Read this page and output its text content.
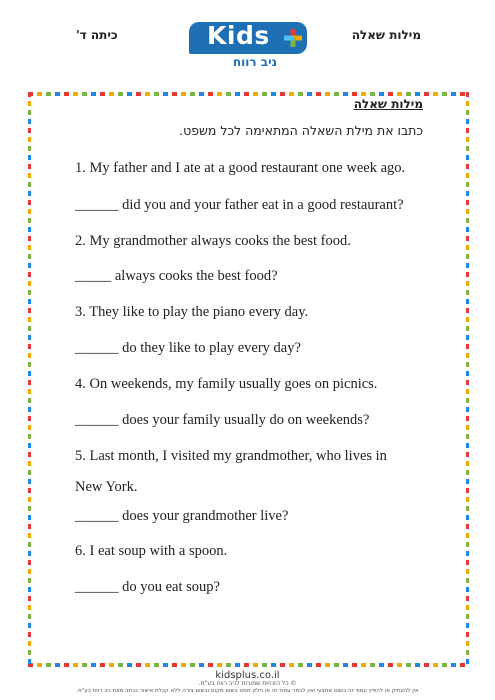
מילות שאלה
כיתה ד'	Kids
ניב רווח
מילות שאלה
כתבו את מילת השאלה המתאימה לכל משפט.
1. My father and I ate at a good restaurant one week ago.
______ did you and your father eat in a good restaurant?
2. My grandmother always cooks the best food.
_____ always cooks the best food?
3. They like to play the piano every day.
______ do they like to play every day?
4. On weekends, my family usually goes on picnics.
______ does your family usually do on weekends?
5. Last month, I visited my grandmother, who lives in
New York.
______ does your grandmother live?
6. I eat soup with a spoon.
______ do you eat soup?
kidsplus.co.il
© כל הזכויות שמורות לניב רווח בע"מ.
אין להעתיק או להפיץ עמוד זה בשום אמצעי ואין לבמר עמוד זה או חלק ממנו בשום מקום ובשום צורה ללא קבלת אישור בכתב מאת ניב רווח בע"מ.
